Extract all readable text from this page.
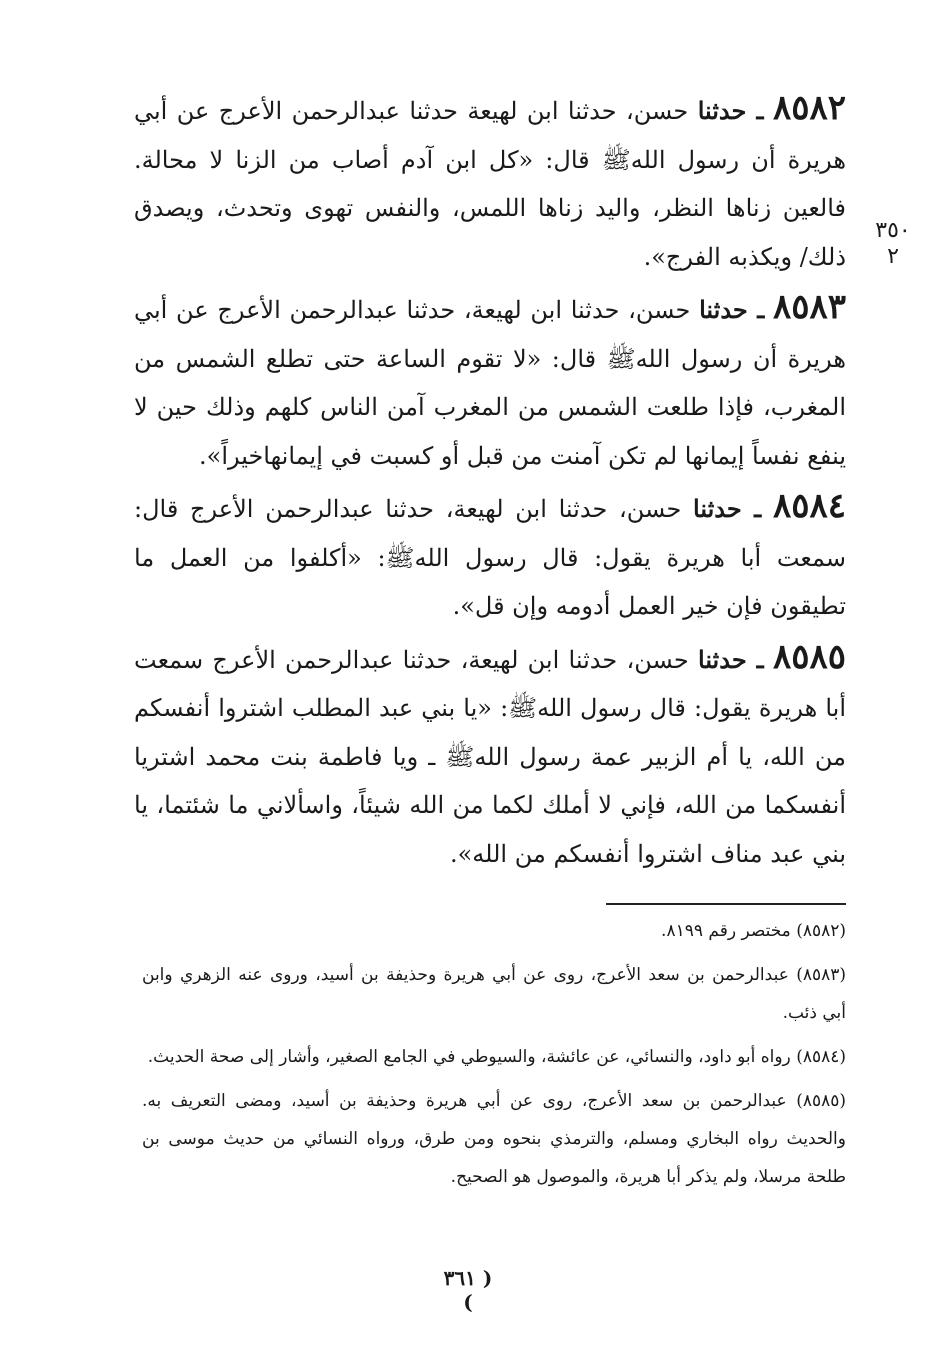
٣٥٠
٢

٨٥٨٢ ـ حدثنا حسن، حدثنا ابن لهيعة حدثنا عبدالرحمن الأعرج عن أبي هريرة أن رسول اللهﷺ قال: «كل ابن آدم أصاب من الزنا لا محالة. فالعين زناها النظر، واليد زناها اللمس، والنفس تهوى وتحدث، ويصدق ذلك/ ويكذبه الفرج».

٨٥٨٣ ـ حدثنا حسن، حدثنا ابن لهيعة، حدثنا عبدالرحمن الأعرج عن أبي هريرة أن رسول اللهﷺ قال: «لا تقوم الساعة حتى تطلع الشمس من المغرب، فإذا طلعت الشمس من المغرب آمن الناس كلهم وذلك حين لا ينفع نفساً إيمانها لم تكن آمنت من قبل أو كسبت في إيمانهاخيراً».

٨٥٨٤ ـ حدثنا حسن، حدثنا ابن لهيعة، حدثنا عبدالرحمن الأعرج قال: سمعت أبا هريرة يقول: قال رسول اللهﷺ: «أكلفوا من العمل ما تطيقون فإن خير العمل أدومه وإن قل».

٨٥٨٥ ـ حدثنا حسن، حدثنا ابن لهيعة، حدثنا عبدالرحمن الأعرج سمعت أبا هريرة يقول: قال رسول اللهﷺ: «يا بني عبد المطلب اشتروا أنفسكم من الله، يا أم الزبير عمة رسول اللهﷺ ـ ويا فاطمة بنت محمد اشتريا أنفسكما من الله، فإني لا أملك لكما من الله شيئاً، واسألاني ما شئتما، يا بني عبد مناف اشتروا أنفسكم من الله».

(٨٥٨٢) مختصر رقم ٨١٩٩.

(٨٥٨٣) عبدالرحمن بن سعد الأعرج، روى عن أبي هريرة وحذيفة بن أسيد، وروى عنه الزهري وابن أبي ذئب.

(٨٥٨٤) رواه أبو داود، والنسائي، عن عائشة، والسيوطي في الجامع الصغير، وأشار إلى صحة الحديث.

(٨٥٨٥) عبدالرحمن بن سعد الأعرج، روى عن أبي هريرة وحذيفة بن أسيد، ومضى التعريف به. والحديث رواه البخاري ومسلم، والترمذي بنحوه ومن طرق، ورواه النسائي من حديث موسى بن طلحة مرسلا، ولم يذكر أبا هريرة، والموصول هو الصحيح.

( ٣٦١ )
